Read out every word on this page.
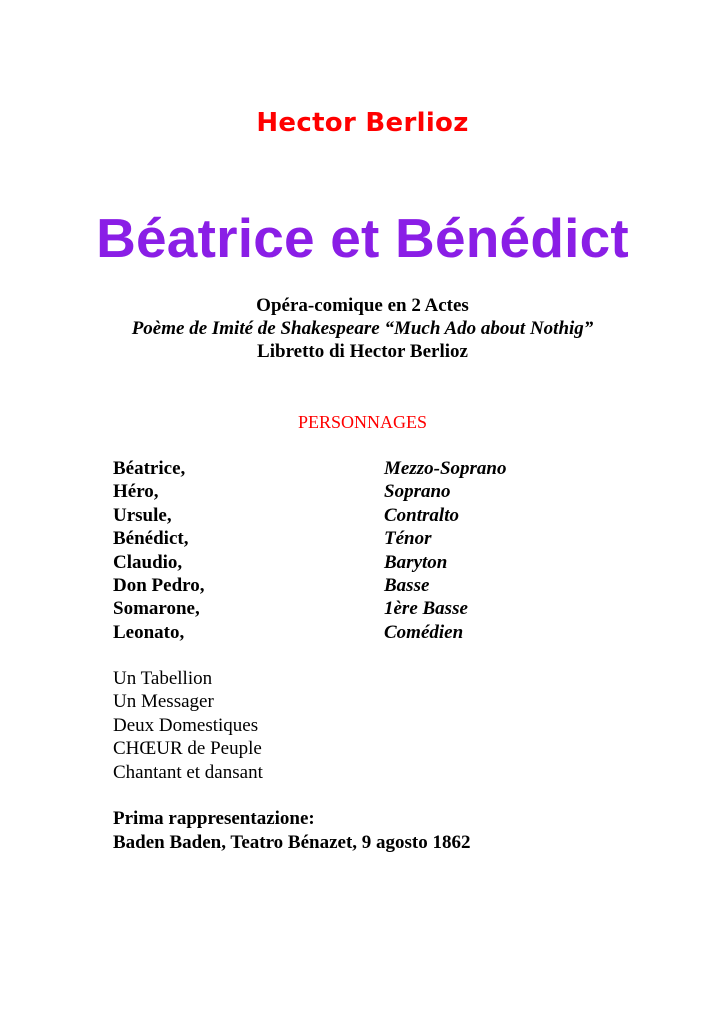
Hector Berlioz
Béatrice et Bénédict
Opéra-comique en 2 Actes
Poème de Imité de Shakespeare “Much Ado about Nothig”
Libretto di Hector Berlioz
PERSONNAGES
Béatrice,	Mezzo-Soprano
Héro,	Soprano
Ursule,	Contralto
Bénédict,	Ténor
Claudio,	Baryton
Don Pedro,	Basse
Somarone,	1ère Basse
Leonato,	Comédien
Un Tabellion
Un Messager
Deux Domestiques
CHŒUR de Peuple
Chantant et dansant
Prima rappresentazione:
Baden Baden, Teatro Bénazet, 9 agosto 1862
